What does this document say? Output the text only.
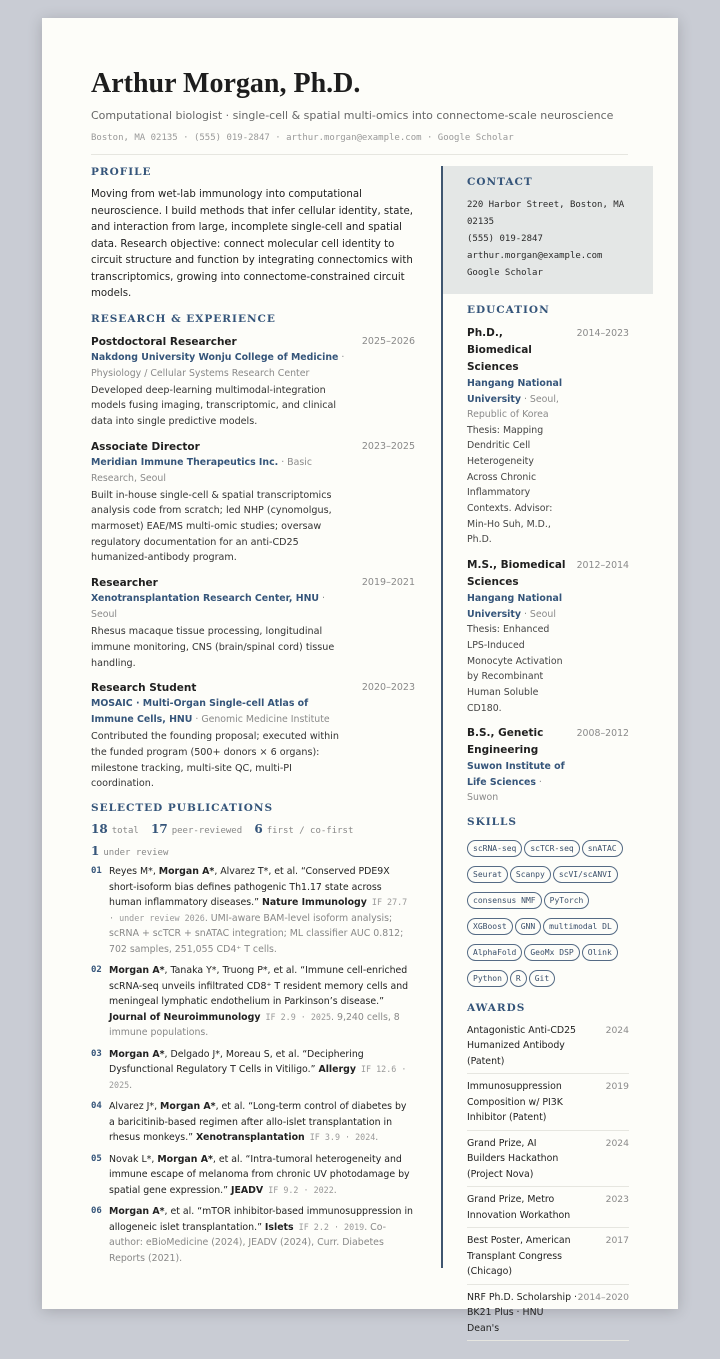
Arthur Morgan, Ph.D.
Computational biologist · single-cell & spatial multi-omics into connectome-scale neuroscience
Boston, MA 02135 · (555) 019-2847 · arthur.morgan@example.com · Google Scholar
PROFILE
Moving from wet-lab immunology into computational neuroscience. I build methods that infer cellular identity, state, and interaction from large, incomplete single-cell and spatial data. Research objective: connect molecular cell identity to circuit structure and function by integrating connectomics with transcriptomics, growing into connectome-constrained circuit models.
RESEARCH & EXPERIENCE
Postdoctoral Researcher	2025–2026
Nakdong University Wonju College of Medicine · Physiology / Cellular Systems Research Center
Developed deep-learning multimodal-integration models fusing imaging, transcriptomic, and clinical data into single predictive models.
Associate Director	2023–2025
Meridian Immune Therapeutics Inc. · Basic Research, Seoul
Built in-house single-cell & spatial transcriptomics analysis code from scratch; led NHP (cynomolgus, marmoset) EAE/MS multi-omic studies; oversaw regulatory documentation for an anti-CD25 humanized-antibody program.
Researcher	2019–2021
Xenotransplantation Research Center, HNU · Seoul
Rhesus macaque tissue processing, longitudinal immune monitoring, CNS (brain/spinal cord) tissue handling.
Research Student	2020–2023
MOSAIC · Multi-Organ Single-cell Atlas of Immune Cells, HNU · Genomic Medicine Institute
Contributed the founding proposal; executed within the funded program (500+ donors × 6 organs): milestone tracking, multi-site QC, multi-PI coordination.
SELECTED PUBLICATIONS
18 total 17 peer-reviewed 6 first / co-first
1 under review
01 Reyes M*, Morgan A*, Alvarez T*, et al. “Conserved PDE9X short-isoform bias defines pathogenic Th1.17 state across human inflammatory diseases.” Nature Immunology IF 27.7 · under review 2026. UMI-aware BAM-level isoform analysis; scRNA + scTCR + snATAC integration; ML classifier AUC 0.812; 702 samples, 251,055 CD4⁺ T cells.
02 Morgan A*, Tanaka Y*, Truong P*, et al. “Immune cell-enriched scRNA-seq unveils infiltrated CD8⁺ T resident memory cells and meningeal lymphatic endothelium in Parkinson’s disease.” Journal of Neuroimmunology IF 2.9 · 2025. 9,240 cells, 8 immune populations.
03 Morgan A*, Delgado J*, Moreau S, et al. “Deciphering Dysfunctional Regulatory T Cells in Vitiligo.” Allergy IF 12.6 · 2025.
04 Alvarez J*, Morgan A*, et al. “Long-term control of diabetes by a baricitinib-based regimen after allo-islet transplantation in rhesus monkeys.” Xenotransplantation IF 3.9 · 2024.
05 Novak L*, Morgan A*, et al. “Intra-tumoral heterogeneity and immune escape of melanoma from chronic UV photodamage by spatial gene expression.” JEADV IF 9.2 · 2022.
06 Morgan A*, et al. “mTOR inhibitor-based immunosuppression in allogeneic islet transplantation.” Islets IF 2.2 · 2019. Co-author: eBioMedicine (2024), JEADV (2024), Curr. Diabetes Reports (2021).
CONTACT
220 Harbor Street, Boston, MA 02135
(555) 019-2847
arthur.morgan@example.com
Google Scholar
EDUCATION
Ph.D., Biomedical Sciences
2014–2023
Hangang National University · Seoul, Republic of Korea
Thesis: Mapping Dendritic Cell Heterogeneity Across Chronic Inflammatory Contexts. Advisor: Min-Ho Suh, M.D., Ph.D.
M.S., Biomedical Sciences
2012–2014
Hangang National University · Seoul
Thesis: Enhanced LPS-Induced Monocyte Activation by Recombinant Human Soluble CD180.
B.S., Genetic Engineering
2008–2012
Suwon Institute of Life Sciences · Suwon
SKILLS
scRNA-seq scTCR-seq snATACSeurat Scanpy scVI/scANVIconsensus NMF PyTorchXGBoost GNN multimodal DLAlphaFold GeoMx DSP OlinkPython R Git
AWARDS
Antagonistic Anti-CD25 Humanized Antibody (Patent)
2024
Immunosuppression Composition w/ PI3K Inhibitor (Patent)
2019
Grand Prize, AI Builders Hackathon (Project Nova)
2024
Grand Prize, Metro Innovation Workathon
2023
Best Poster, American Transplant Congress (Chicago)
2017
NRF Ph.D. Scholarship · BK21 Plus · HNU Dean's
2014–2020
